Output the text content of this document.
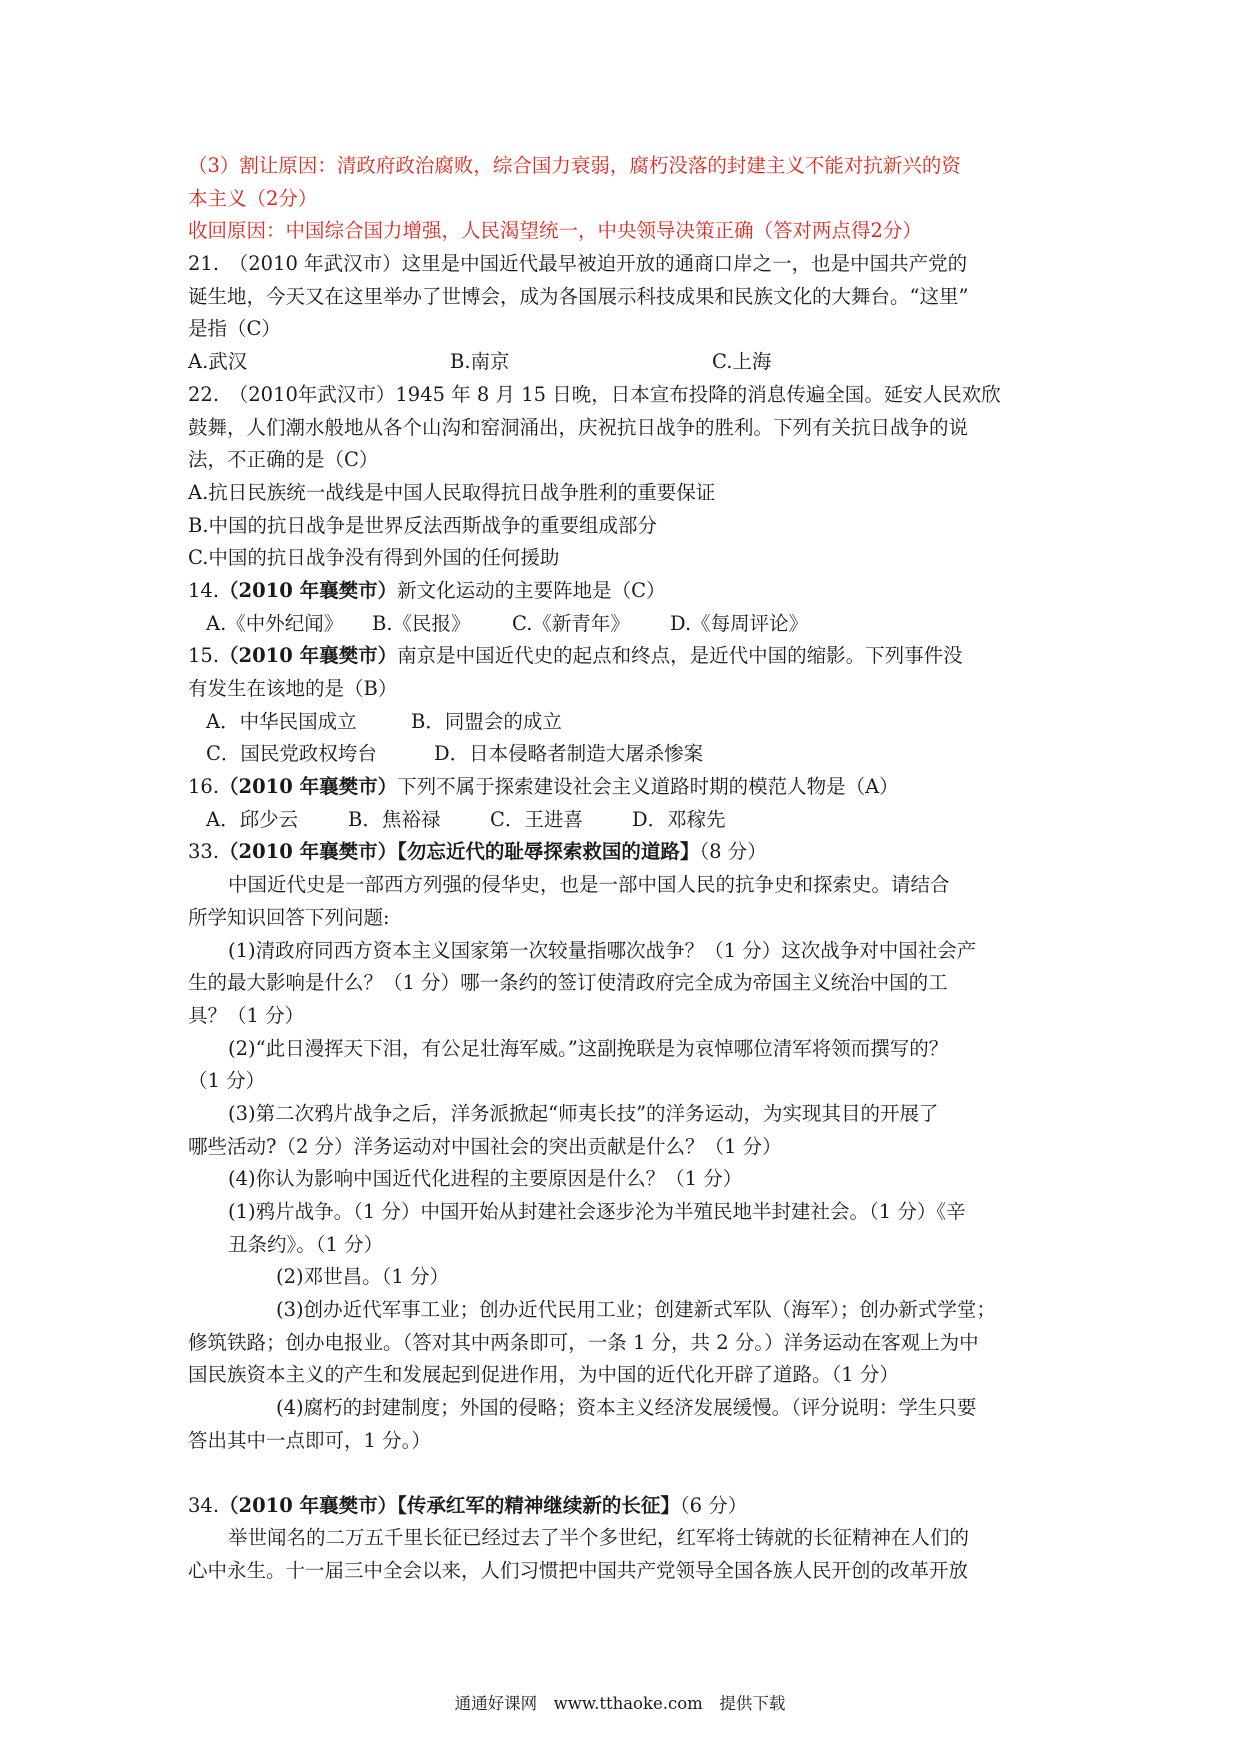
（3）割让原因：清政府政治腐败，综合国力衰弱，腐朽没落的封建主义不能对抗新兴的资
本主义（2分）
收回原因：中国综合国力增强，人民渴望统一，中央领导决策正确（答对两点得2分）
21.　（2010 年武汉市）这里是中国近代最早被迫开放的通商口岸之一，也是中国共产党的
诞生地，今天又在这里举办了世博会，成为各国展示科技成果和民族文化的大舞台。“这里”
是指（C）
A.武汉	B.南京	C.上海
22.　（2010年武汉市）1945 年 8 月 15 日晚，日本宣布投降的消息传遍全国。延安人民欢欣
鼓舞，人们潮水般地从各个山沟和窑洞涌出，庆祝抗日战争的胜利。下列有关抗日战争的说
法，不正确的是（C）
A.抗日民族统一战线是中国人民取得抗日战争胜利的重要保证
B.中国的抗日战争是世界反法西斯战争的重要组成部分
C.中国的抗日战争没有得到外国的任何援助
14.（2010 年襄樊市）新文化运动的主要阵地是（C）
A.《中外纪闻》 B.《民报》 C.《新青年》 D.《每周评论》
15.（2010 年襄樊市）南京是中国近代史的起点和终点，是近代中国的缩影。下列事件没
有发生在该地的是（B）
A．中华民国成立	B．同盟会的成立
C．国民党政权垮台	D．日本侵略者制造大屠杀惨案
16.（2010 年襄樊市）下列不属于探索建设社会主义道路时期的模范人物是（A）
A．邱少云	B．焦裕禄	C．王进喜	D．邓稼先
33.（2010 年襄樊市）【勿忘近代的耻辱探索救国的道路】（8 分）
中国近代史是一部西方列强的侵华史，也是一部中国人民的抗争史和探索史。请结合
所学知识回答下列问题:
(1)清政府同西方资本主义国家第一次较量指哪次战争？（1 分）这次战争对中国社会产
生的最大影响是什么？（1 分）哪一条约的签订使清政府完全成为帝国主义统治中国的工
具？（1 分）
(2)“此日漫挥天下泪，有公足壮海军威。”这副挽联是为哀悼哪位清军将领而撰写的？
（1 分）
(3)第二次鸦片战争之后，洋务派掀起“师夷长技”的洋务运动，为实现其目的开展了
哪些活动?（2 分）洋务运动对中国社会的突出贡献是什么？（1 分）
(4)你认为影响中国近代化进程的主要原因是什么？（1 分）
(1)鸦片战争。（1 分）中国开始从封建社会逐步沦为半殖民地半封建社会。（1 分）《辛
丑条约》。（1 分）
(2)邓世昌。（1 分）
(3)创办近代军事工业；创办近代民用工业；创建新式军队（海军）；创办新式学堂；
修筑铁路；创办电报业。（答对其中两条即可，一条 1 分，共 2 分。）洋务运动在客观上为中
国民族资本主义的产生和发展起到促进作用，为中国的近代化开辟了道路。（1 分）
(4)腐朽的封建制度；外国的侵略；资本主义经济发展缓慢。（评分说明：学生只要
答出其中一点即可，1 分。）
34.（2010 年襄樊市）【传承红军的精神继续新的长征】（6 分）
举世闻名的二万五千里长征已经过去了半个多世纪，红军将士铸就的长征精神在人们的
心中永生。十一届三中全会以来，人们习惯把中国共产党领导全国各族人民开创的改革开放
通通好课网　www.tthaoke.com　提供下载
